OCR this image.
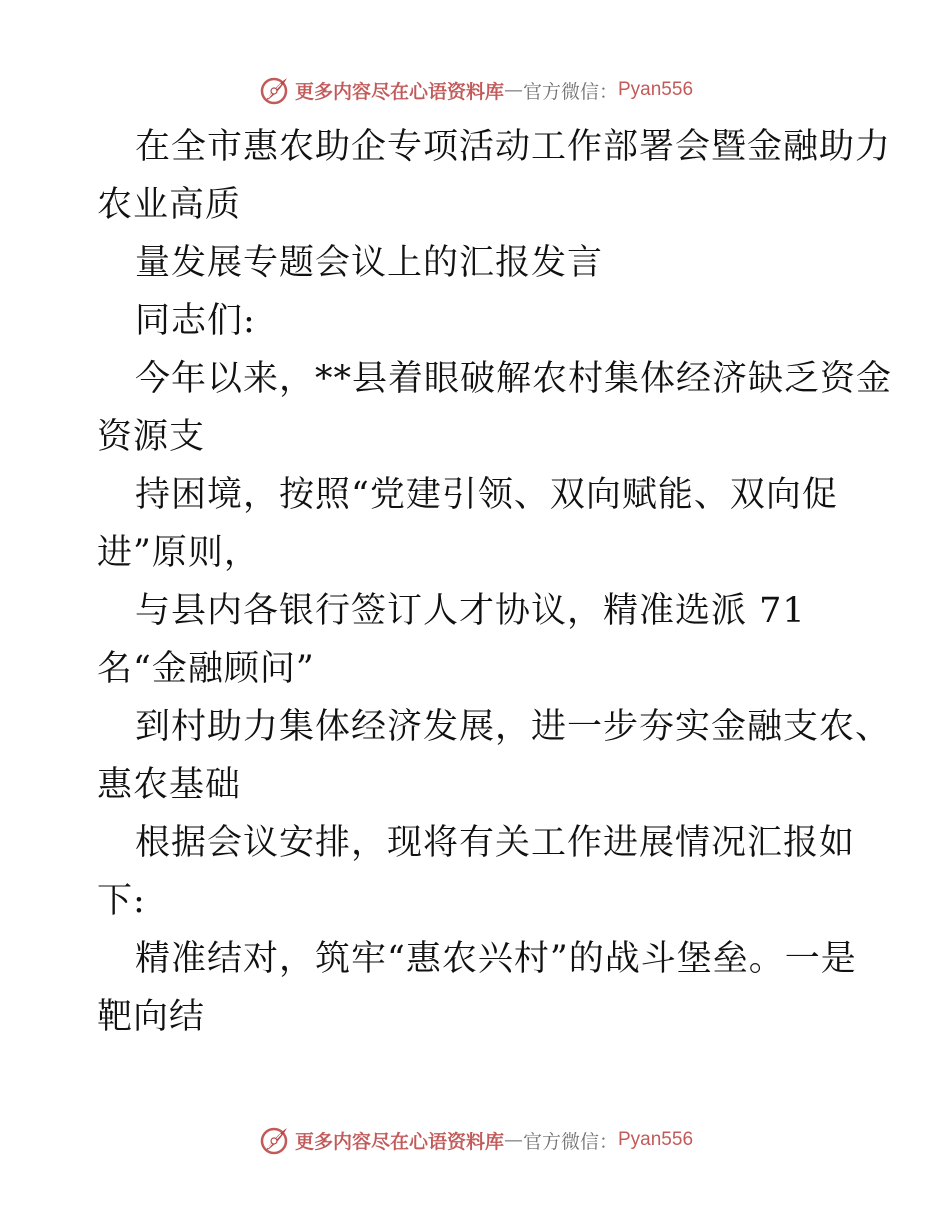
更多内容尽在心语资料库 — 官方微信： Pyan556
在全市惠农助企专项活动工作部署会暨金融助力
农业高质
量发展专题会议上的汇报发言
同志们:
今年以来，**县着眼破解农村集体经济缺乏资金
资源支
持困境，按照“党建引领、双向赋能、双向促
进”原则，
与县内各银行签订人才协议，精准选派 71
名“金融顾问”
到村助力集体经济发展，进一步夯实金融支农、
惠农基础
根据会议安排，现将有关工作进展情况汇报如
下:
精准结对，筑牢“惠农兴村”的战斗堡垒。一是
靶向结
更多内容尽在心语资料库 — 官方微信： Pyan556
